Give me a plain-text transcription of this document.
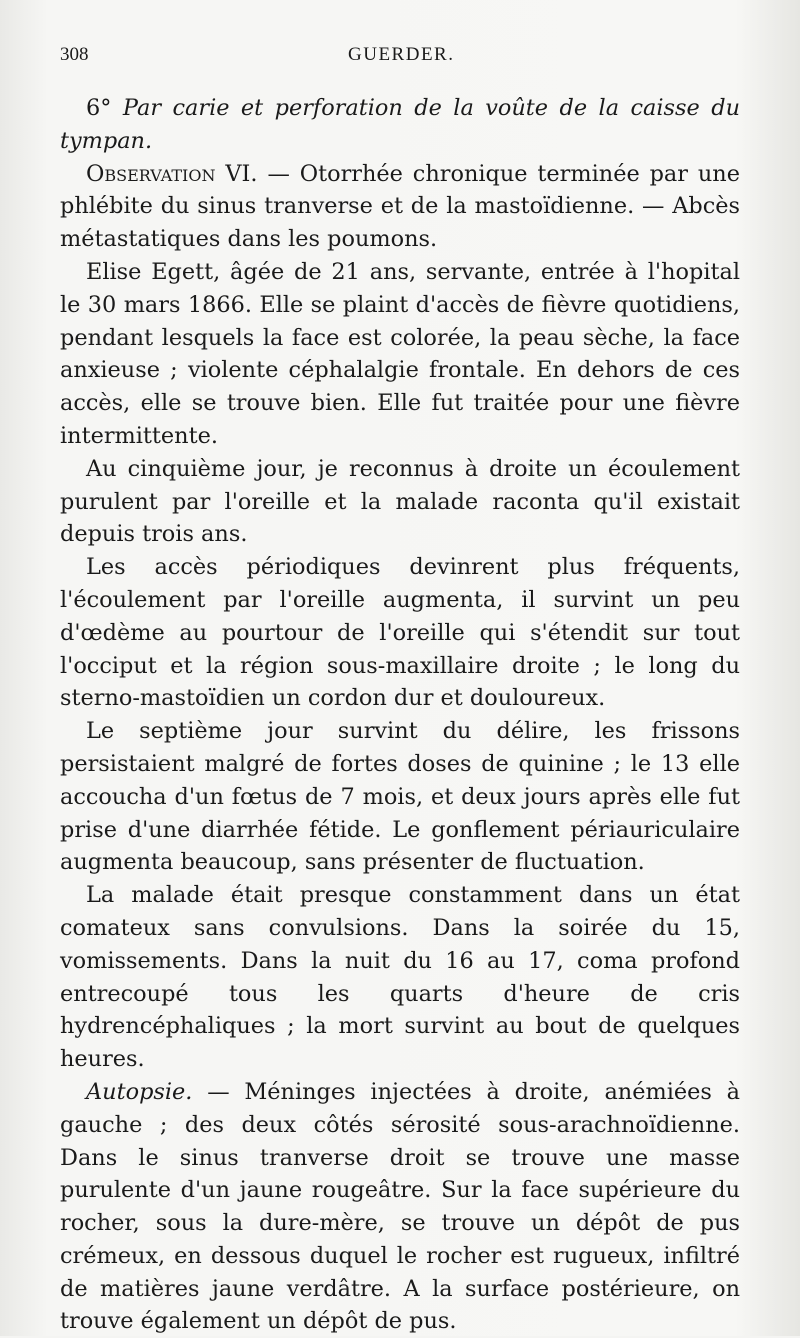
308	GUERDER.

6° Par carie et perforation de la voûte de la caisse du tympan.

Observation VI. — Otorrhée chronique terminée par une phlébite du sinus tranverse et de la mastoïdienne. — Abcès métastatiques dans les poumons.

Elise Egett, âgée de 21 ans, servante, entrée à l'hopital le 30 mars 1866. Elle se plaint d'accès de fièvre quotidiens, pendant lesquels la face est colorée, la peau sèche, la face anxieuse ; violente céphalalgie frontale. En dehors de ces accès, elle se trouve bien. Elle fut traitée pour une fièvre intermittente.

Au cinquième jour, je reconnus à droite un écoulement purulent par l'oreille et la malade raconta qu'il existait depuis trois ans.

Les accès périodiques devinrent plus fréquents, l'écoulement par l'oreille augmenta, il survint un peu d'œdème au pourtour de l'oreille qui s'étendit sur tout l'occiput et la région sous-maxillaire droite ; le long du sterno-mastoïdien un cordon dur et douloureux.

Le septième jour survint du délire, les frissons persistaient malgré de fortes doses de quinine ; le 13 elle accoucha d'un fœtus de 7 mois, et deux jours après elle fut prise d'une diarrhée fétide. Le gonflement périauriculaire augmenta beaucoup, sans présenter de fluctuation.

La malade était presque constamment dans un état comateux sans convulsions. Dans la soirée du 15, vomissements. Dans la nuit du 16 au 17, coma profond entrecoupé tous les quarts d'heure de cris hydrencéphaliques ; la mort survint au bout de quelques heures.

Autopsie. — Méninges injectées à droite, anémiées à gauche ; des deux côtés sérosité sous-arachnoïdienne. Dans le sinus tranverse droit se trouve une masse purulente d'un jaune rougeâtre. Sur la face supérieure du rocher, sous la dure-mère, se trouve un dépôt de pus crémeux, en dessous duquel le rocher est rugueux, infiltré de matières jaune verdâtre. A la surface postérieure, on trouve également un dépôt de pus.
